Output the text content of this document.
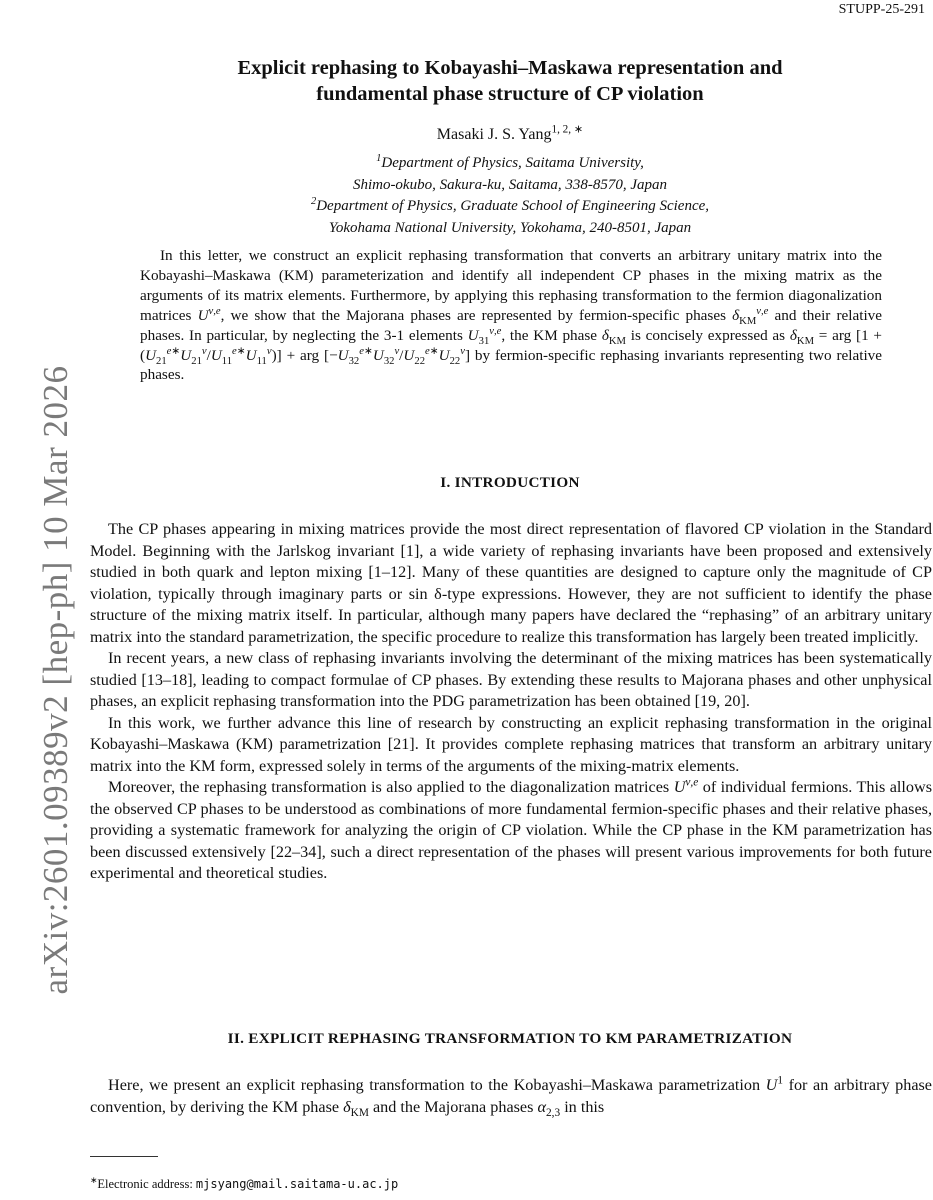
STUPP-25-291
arXiv:2601.09389v2 [hep-ph] 10 Mar 2026
Explicit rephasing to Kobayashi–Maskawa representation and
fundamental phase structure of CP violation
Masaki J. S. Yang$^{1, 2, ∗}$
$^1$Department of Physics, Saitama University,
Shimo-okubo, Sakura-ku, Saitama, 338-8570, Japan
$^2$Department of Physics, Graduate School of Engineering Science,
Yokohama National University, Yokohama, 240-8501, Japan
In this letter, we construct an explicit rephasing transformation that converts an arbitrary unitary matrix into the Kobayashi–Maskawa (KM) parameterization and identify all independent CP phases in the mixing matrix as the arguments of its matrix elements. Furthermore, by applying this rephasing transformation to the fermion diagonalization matrices $U^{\nu,e}$, we show that the Majorana phases are represented by fermion-specific phases $\delta_{KM}^{\nu,e}$ and their relative phases. In particular, by neglecting the 3-1 elements $U_{31}^{\nu,e}$, the KM phase $\delta_{KM}$ is concisely expressed as $\delta_{KM}$ = arg $[1 + (U_{21}^{e∗}U_{21}^\nu/U_{11}^{e∗}U_{11}^\nu)]$ + arg $[-U_{32}^{e∗}U_{32}^\nu/U_{22}^{e∗}U_{22}^\nu]$ by fermion-specific rephasing invariants representing two relative phases.
I. INTRODUCTION

The CP phases appearing in mixing matrices provide the most direct representation of flavored CP violation in the Standard Model. Beginning with the Jarlskog invariant [1], a wide variety of rephasing invariants have been proposed and extensively studied in both quark and lepton mixing [1–12]. Many of these quantities are designed to capture only the magnitude of CP violation, typically through imaginary parts or sin δ-type expressions. However, they are not sufficient to identify the phase structure of the mixing matrix itself. In particular, although many papers have declared the “rephasing” of an arbitrary unitary matrix into the standard parametrization, the specific procedure to realize this transformation has largely been treated implicitly.

In recent years, a new class of rephasing invariants involving the determinant of the mixing matrices has been systematically studied [13–18], leading to compact formulae of CP phases. By extending these results to Majorana phases and other unphysical phases, an explicit rephasing transformation into the PDG parametrization has been obtained [19, 20].

In this work, we further advance this line of research by constructing an explicit rephasing transformation in the original Kobayashi–Maskawa (KM) parametrization [21]. It provides complete rephasing matrices that transform an arbitrary unitary matrix into the KM form, expressed solely in terms of the arguments of the mixing-matrix elements.

Moreover, the rephasing transformation is also applied to the diagonalization matrices $U^{\nu,e}$ of individual fermions. This allows the observed CP phases to be understood as combinations of more fundamental fermion-specific phases and their relative phases, providing a systematic framework for analyzing the origin of CP violation. While the CP phase in the KM parametrization has been discussed extensively [22–34], such a direct representation of the phases will present various improvements for both future experimental and theoretical studies.

II. EXPLICIT REPHASING TRANSFORMATION TO KM PARAMETRIZATION

Here, we present an explicit rephasing transformation to the Kobayashi–Maskawa parametrization $U^1$ for an arbitrary phase convention, by deriving the KM phase $\delta_{KM}$ and the Majorana phases $\alpha_{2,3}$ in this

∗Electronic address: mjsyang@mail.saitama-u.ac.jp
